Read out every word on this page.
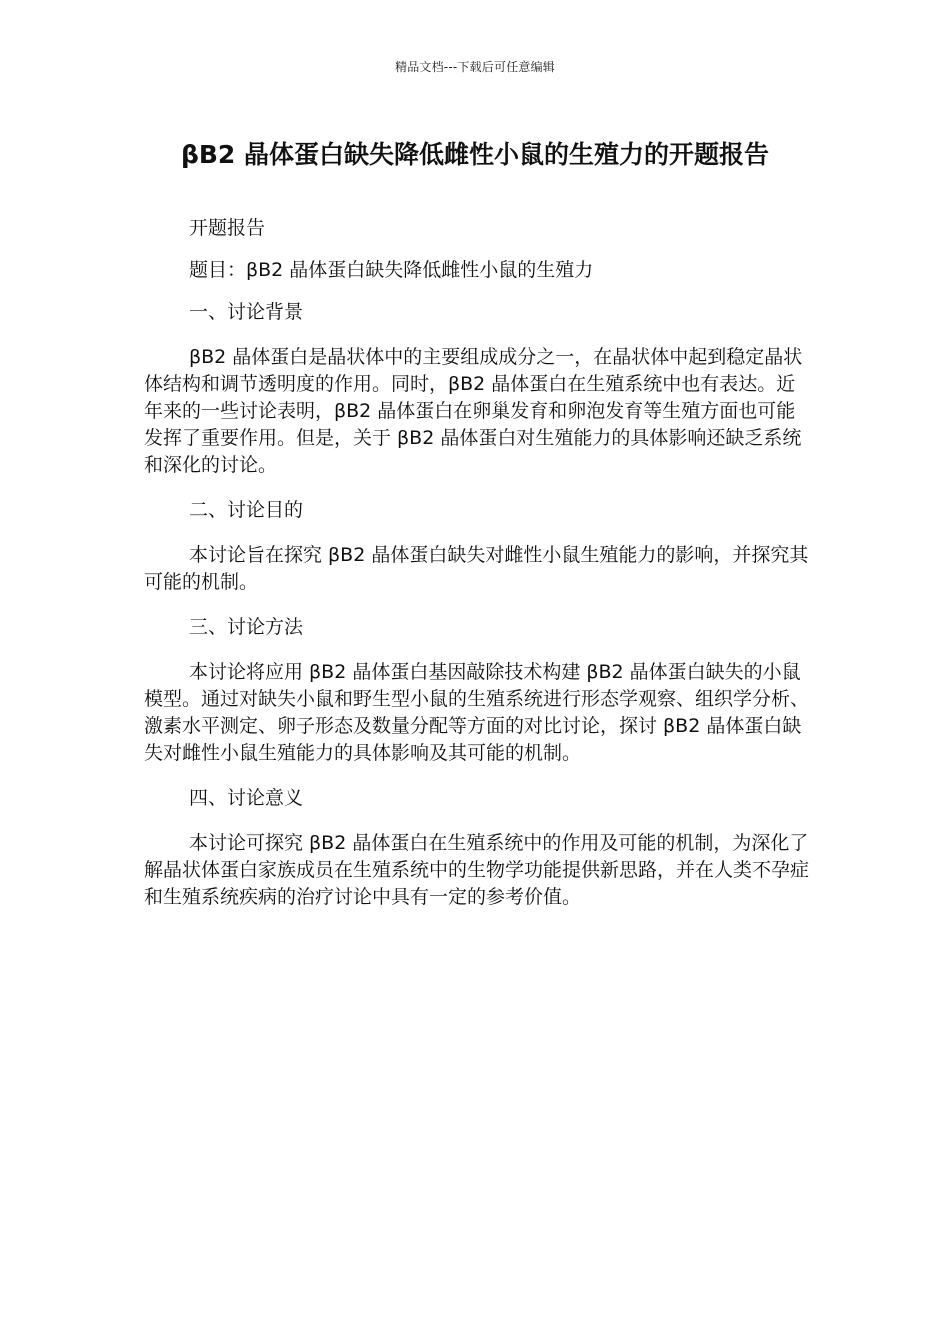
精品文档---下载后可任意编辑
βB2 晶体蛋白缺失降低雌性小鼠的生殖力的开题报告

开题报告

题目：βB2 晶体蛋白缺失降低雌性小鼠的生殖力

一、讨论背景

βB2 晶体蛋白是晶状体中的主要组成成分之一，在晶状体中起到稳定晶状体结构和调节透明度的作用。同时，βB2 晶体蛋白在生殖系统中也有表达。近年来的一些讨论表明，βB2 晶体蛋白在卵巢发育和卵泡发育等生殖方面也可能发挥了重要作用。但是，关于 βB2 晶体蛋白对生殖能力的具体影响还缺乏系统和深化的讨论。

二、讨论目的

本讨论旨在探究 βB2 晶体蛋白缺失对雌性小鼠生殖能力的影响，并探究其可能的机制。

三、讨论方法

本讨论将应用 βB2 晶体蛋白基因敲除技术构建 βB2 晶体蛋白缺失的小鼠模型。通过对缺失小鼠和野生型小鼠的生殖系统进行形态学观察、组织学分析、激素水平测定、卵子形态及数量分配等方面的对比讨论，探讨 βB2 晶体蛋白缺失对雌性小鼠生殖能力的具体影响及其可能的机制。

四、讨论意义

本讨论可探究 βB2 晶体蛋白在生殖系统中的作用及可能的机制，为深化了解晶状体蛋白家族成员在生殖系统中的生物学功能提供新思路，并在人类不孕症和生殖系统疾病的治疗讨论中具有一定的参考价值。
